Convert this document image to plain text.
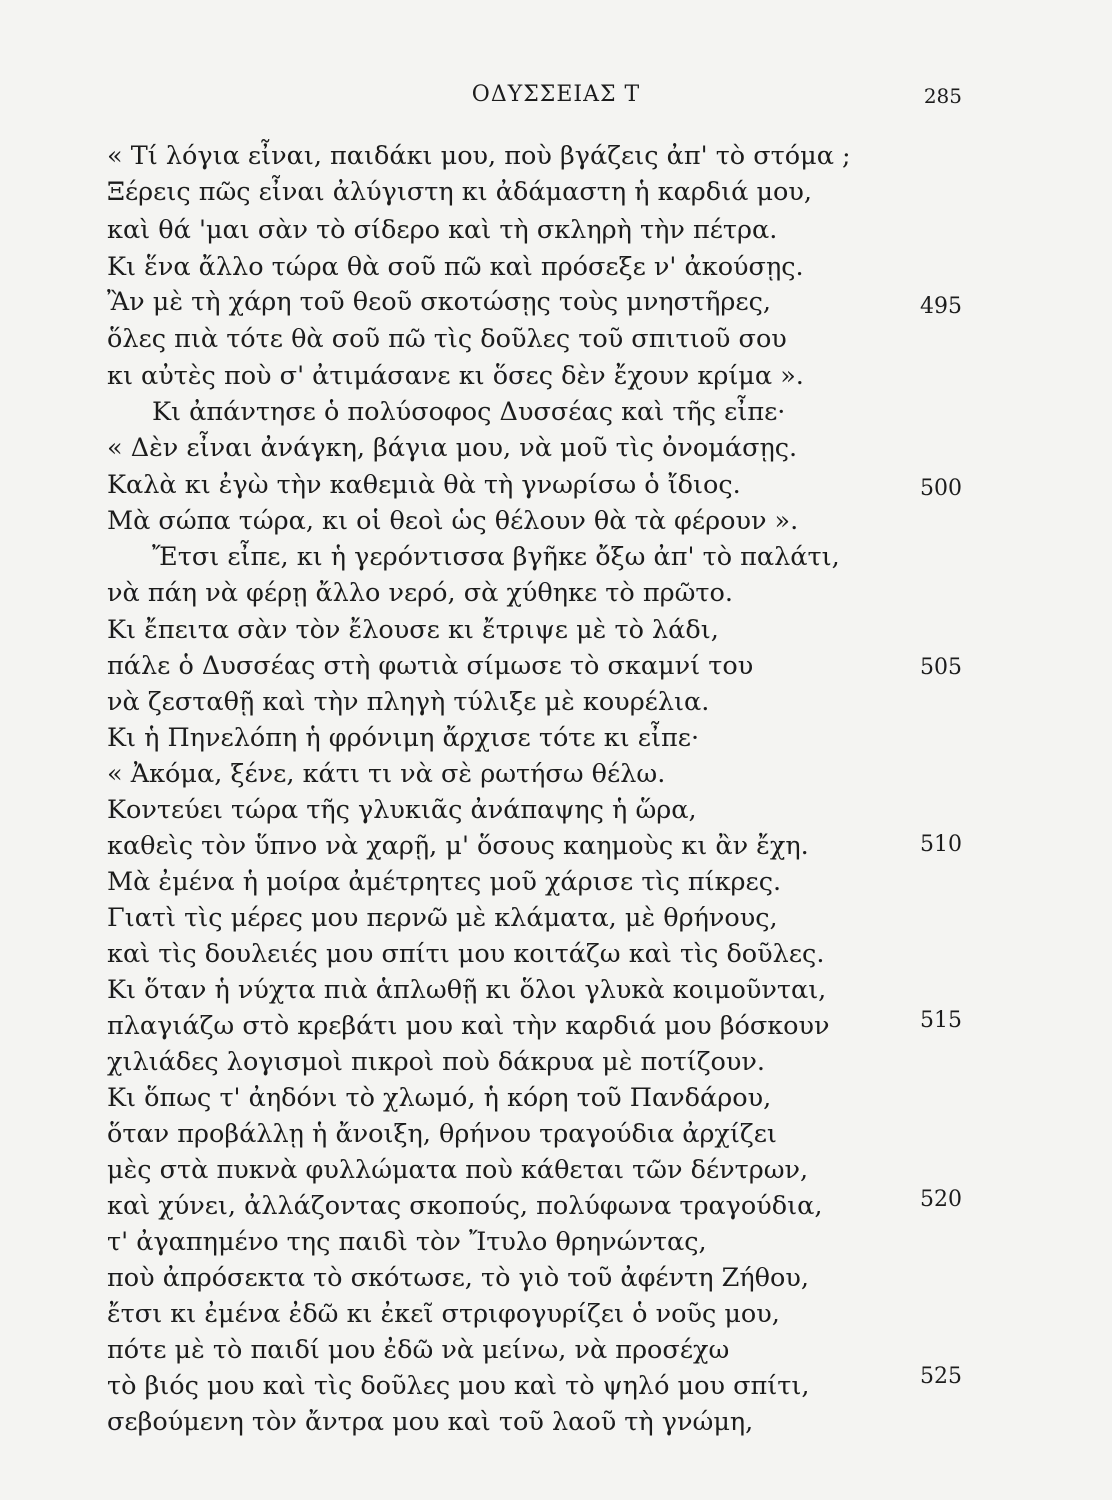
ΟΔΥΣΣΕΙΑΣ Τ	285
« Τί λόγια εἶναι, παιδάκι μου, ποὺ βγάζεις ἀπ' τὸ στόμα ;
Ξέρεις πῶς εἶναι ἀλύγιστη κι ἀδάμαστη ἡ καρδιά μου,
καὶ θά 'μαι σὰν τὸ σίδερο καὶ τὴ σκληρὴ τὴν πέτρα.
Κι ἕνα ἄλλο τώρα θὰ σοῦ πῶ καὶ πρόσεξε ν' ἀκούσῃς.
Ἂν μὲ τὴ χάρη τοῦ θεοῦ σκοτώσῃς τοὺς μνηστῆρες,
ὅλες πιὰ τότε θὰ σοῦ πῶ τὶς δοῦλες τοῦ σπιτιοῦ σου
κι αὐτὲς ποὺ σ' ἀτιμάσανε κι ὅσες δὲν ἔχουν κρίμα ».
Κι ἀπάντησε ὁ πολύσοφος Δυσσέας καὶ τῆς εἶπε·
« Δὲν εἶναι ἀνάγκη, βάγια μου, νὰ μοῦ τὶς ὀνομάσῃς.
Καλὰ κι ἐγὼ τὴν καθεμιὰ θὰ τὴ γνωρίσω ὁ ἴδιος.
Μὰ σώπα τώρα, κι οἱ θεοὶ ὡς θέλουν θὰ τὰ φέρουν ».
Ἔτσι εἶπε, κι ἡ γερόντισσα βγῆκε ὄξω ἀπ' τὸ παλάτι,
νὰ πάη νὰ φέρῃ ἄλλο νερό, σὰ χύθηκε τὸ πρῶτο.
Κι ἔπειτα σὰν τὸν ἔλουσε κι ἔτριψε μὲ τὸ λάδι,
πάλε ὁ Δυσσέας στὴ φωτιὰ σίμωσε τὸ σκαμνί του
νὰ ζεσταθῇ καὶ τὴν πληγὴ τύλιξε μὲ κουρέλια.
Κι ἡ Πηνελόπη ἡ φρόνιμη ἄρχισε τότε κι εἶπε·
« Ἀκόμα, ξένε, κάτι τι νὰ σὲ ρωτήσω θέλω.
Κοντεύει τώρα τῆς γλυκιᾶς ἀνάπαψης ἡ ὥρα,
καθεὶς τὸν ὕπνο νὰ χαρῇ, μ' ὅσους καημοὺς κι ἂν ἔχη.
Μὰ ἐμένα ἡ μοίρα ἀμέτρητες μοῦ χάρισε τὶς πίκρες.
Γιατὶ τὶς μέρες μου περνῶ μὲ κλάματα, μὲ θρήνους,
καὶ τὶς δουλειές μου σπίτι μου κοιτάζω καὶ τὶς δοῦλες.
Κι ὅταν ἡ νύχτα πιὰ ἁπλωθῇ κι ὅλοι γλυκὰ κοιμοῦνται,
πλαγιάζω στὸ κρεβάτι μου καὶ τὴν καρδιά μου βόσκουν
χιλιάδες λογισμοὶ πικροὶ ποὺ δάκρυα μὲ ποτίζουν.
Κι ὅπως τ' ἀηδόνι τὸ χλωμό, ἡ κόρη τοῦ Πανδάρου,
ὅταν προβάλλῃ ἡ ἄνοιξη, θρήνου τραγούδια ἀρχίζει
μὲς στὰ πυκνὰ φυλλώματα ποὺ κάθεται τῶν δέντρων,
καὶ χύνει, ἀλλάζοντας σκοπούς, πολύφωνα τραγούδια,
τ' ἀγαπημένο της παιδὶ τὸν Ἴτυλο θρηνώντας,
ποὺ ἀπρόσεκτα τὸ σκότωσε, τὸ γιὸ τοῦ ἀφέντη Ζήθου,
ἔτσι κι ἐμένα ἐδῶ κι ἐκεῖ στριφογυρίζει ὁ νοῦς μου,
πότε μὲ τὸ παιδί μου ἐδῶ νὰ μείνω, νὰ προσέχω
τὸ βιός μου καὶ τὶς δοῦλες μου καὶ τὸ ψηλό μου σπίτι,
σεβούμενη τὸν ἄντρα μου καὶ τοῦ λαοῦ τὴ γνώμη,
495
500
505
510
515
520
525
